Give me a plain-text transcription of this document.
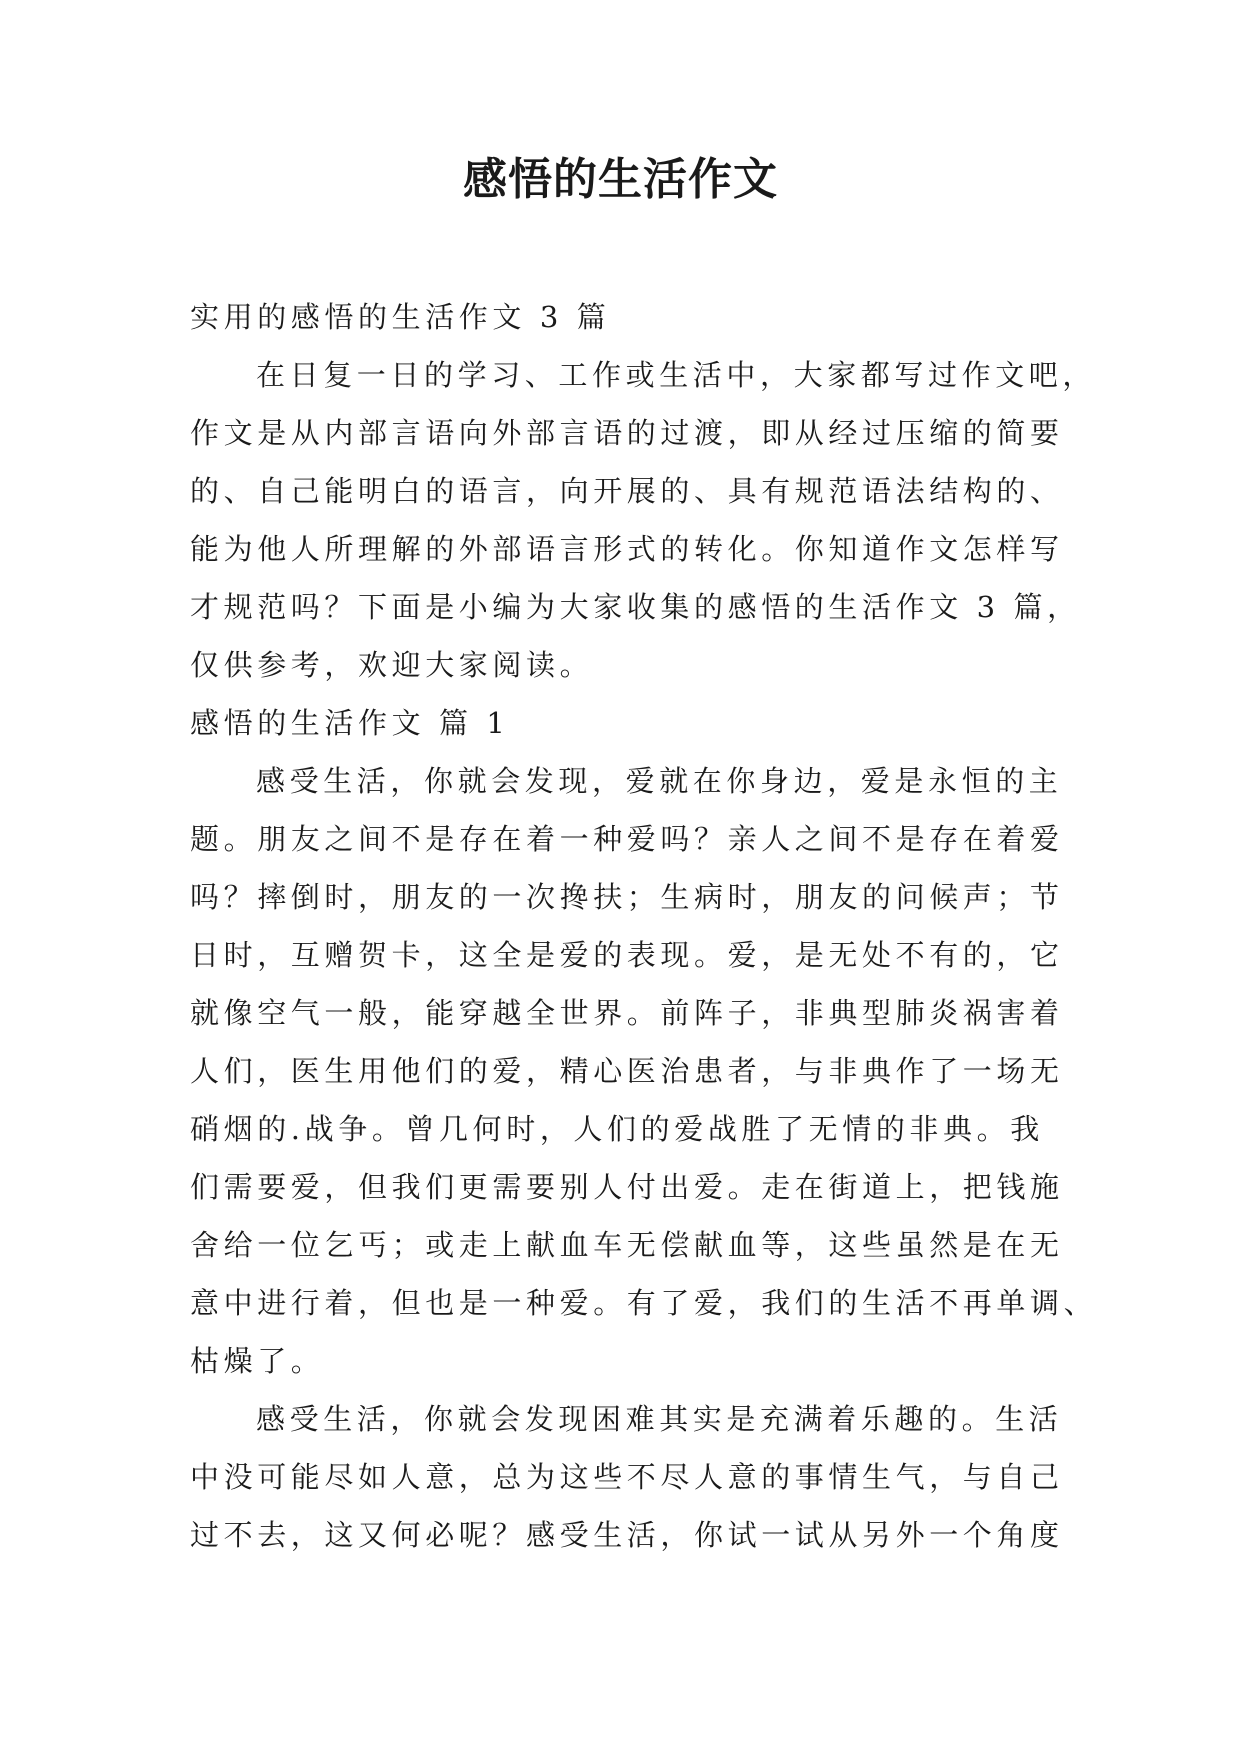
感悟的生活作文

实用的感悟的生活作文 3 篇

在日复一日的学习、工作或生活中，大家都写过作文吧，

作文是从内部言语向外部言语的过渡，即从经过压缩的简要

的、自己能明白的语言，向开展的、具有规范语法结构的、

能为他人所理解的外部语言形式的转化。你知道作文怎样写

才规范吗？下面是小编为大家收集的感悟的生活作文 3 篇，

仅供参考，欢迎大家阅读。

感悟的生活作文 篇 1

感受生活，你就会发现，爱就在你身边，爱是永恒的主

题。朋友之间不是存在着一种爱吗？亲人之间不是存在着爱

吗？摔倒时，朋友的一次搀扶；生病时，朋友的问候声；节

日时，互赠贺卡，这全是爱的表现。爱，是无处不有的，它

就像空气一般，能穿越全世界。前阵子，非典型肺炎祸害着

人们，医生用他们的爱，精心医治患者，与非典作了一场无

硝烟的.战争。曾几何时，人们的爱战胜了无情的非典。我

们需要爱，但我们更需要别人付出爱。走在街道上，把钱施

舍给一位乞丐；或走上献血车无偿献血等，这些虽然是在无

意中进行着，但也是一种爱。有了爱，我们的生活不再单调、

枯燥了。

感受生活，你就会发现困难其实是充满着乐趣的。生活

中没可能尽如人意，总为这些不尽人意的事情生气，与自己

过不去，这又何必呢？感受生活，你试一试从另外一个角度
